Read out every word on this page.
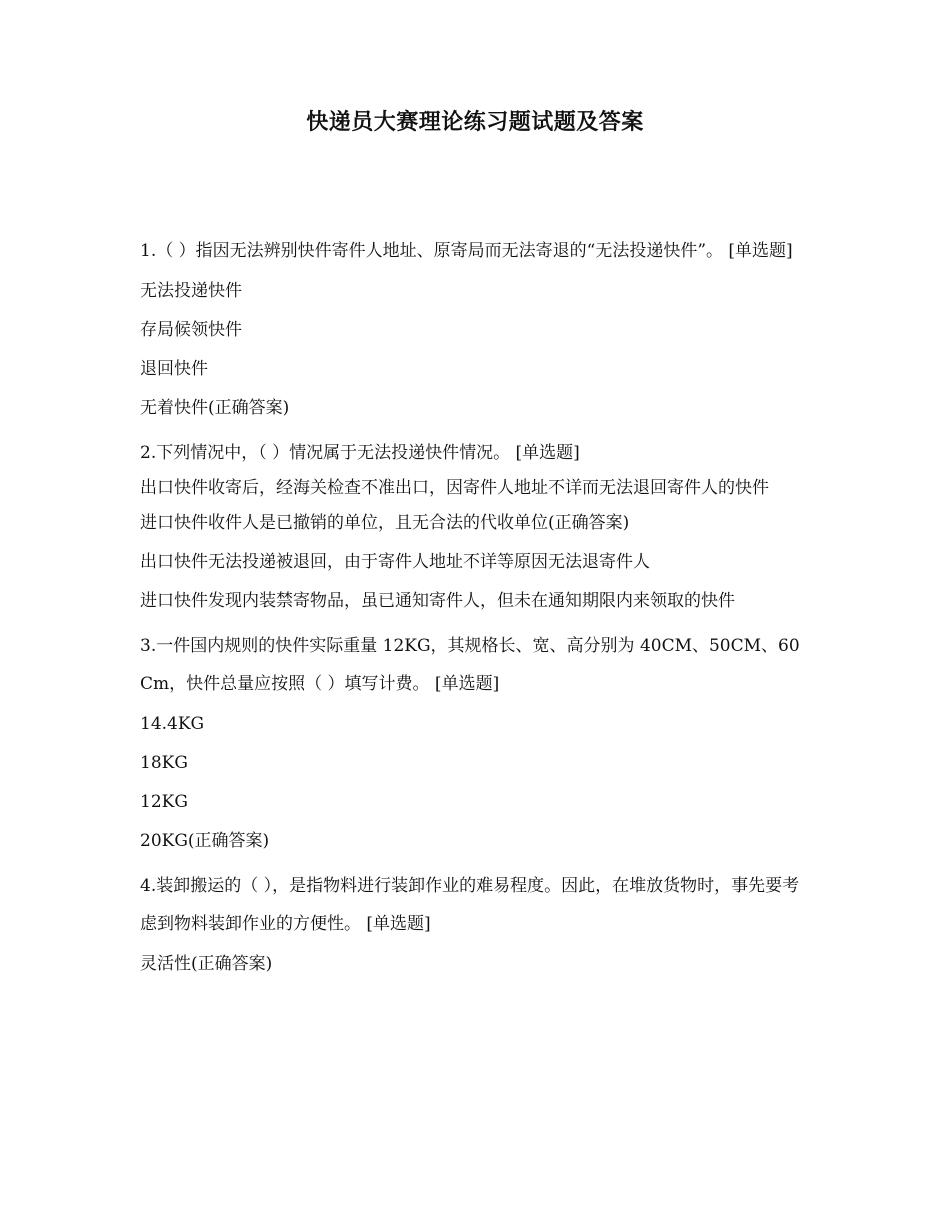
快递员大赛理论练习题试题及答案

1.（ ）指因无法辨别快件寄件人地址、原寄局而无法寄退的“无法投递快件”。 [单选题]

无法投递快件

存局候领快件

退回快件

无着快件(正确答案)

2.下列情况中，（ ）情况属于无法投递快件情况。 [单选题]

出口快件收寄后，经海关检查不准出口，因寄件人地址不详而无法退回寄件人的快件

进口快件收件人是已撤销的单位，且无合法的代收单位(正确答案)

出口快件无法投递被退回，由于寄件人地址不详等原因无法退寄件人

进口快件发现内装禁寄物品，虽已通知寄件人，但未在通知期限内来领取的快件

3.一件国内规则的快件实际重量 12KG，其规格长、宽、高分别为 40CM、50CM、60Cm，快件总量应按照（ ）填写计费。 [单选题]

14.4KG

18KG

12KG

20KG(正确答案)

4.装卸搬运的（ ），是指物料进行装卸作业的难易程度。因此，在堆放货物时，事先要考虑到物料装卸作业的方便性。 [单选题]

灵活性(正确答案)
